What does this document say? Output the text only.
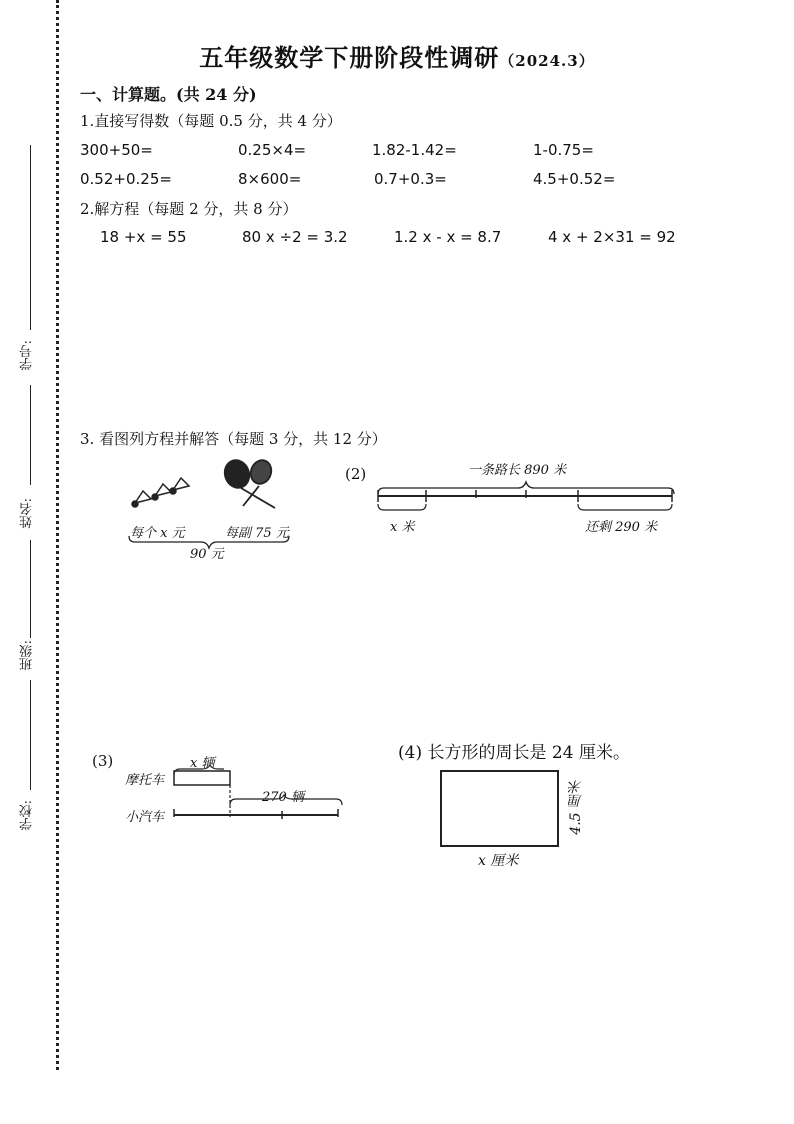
学号:
姓名:
班级:
学校:
五年级数学下册阶段性调研（2024.3）
一、计算题。(共 24 分)
1.直接写得数（每题 0.5 分，共 4 分）
300+50=	0.25×4=	1.82-1.42=	1-0.75=
0.52+0.25=	8×600=	0.7+0.3=	4.5+0.52=
2.解方程（每题 2 分，共 8 分）
18 +x = 55	80 x ÷2 = 3.2	1.2 x - x = 8.7	4 x + 2×31 = 92
3. 看图列方程并解答（每题 3 分，共 12 分）
每个 x 元	每副 75 元
90 元
(2)	一条路长 890 米
x 米	还剩 290 米
(3)	x 辆
摩托车
小汽车
270 辆
(4) 长方形的周长是 24 厘米。
4.5 厘米
x 厘米
